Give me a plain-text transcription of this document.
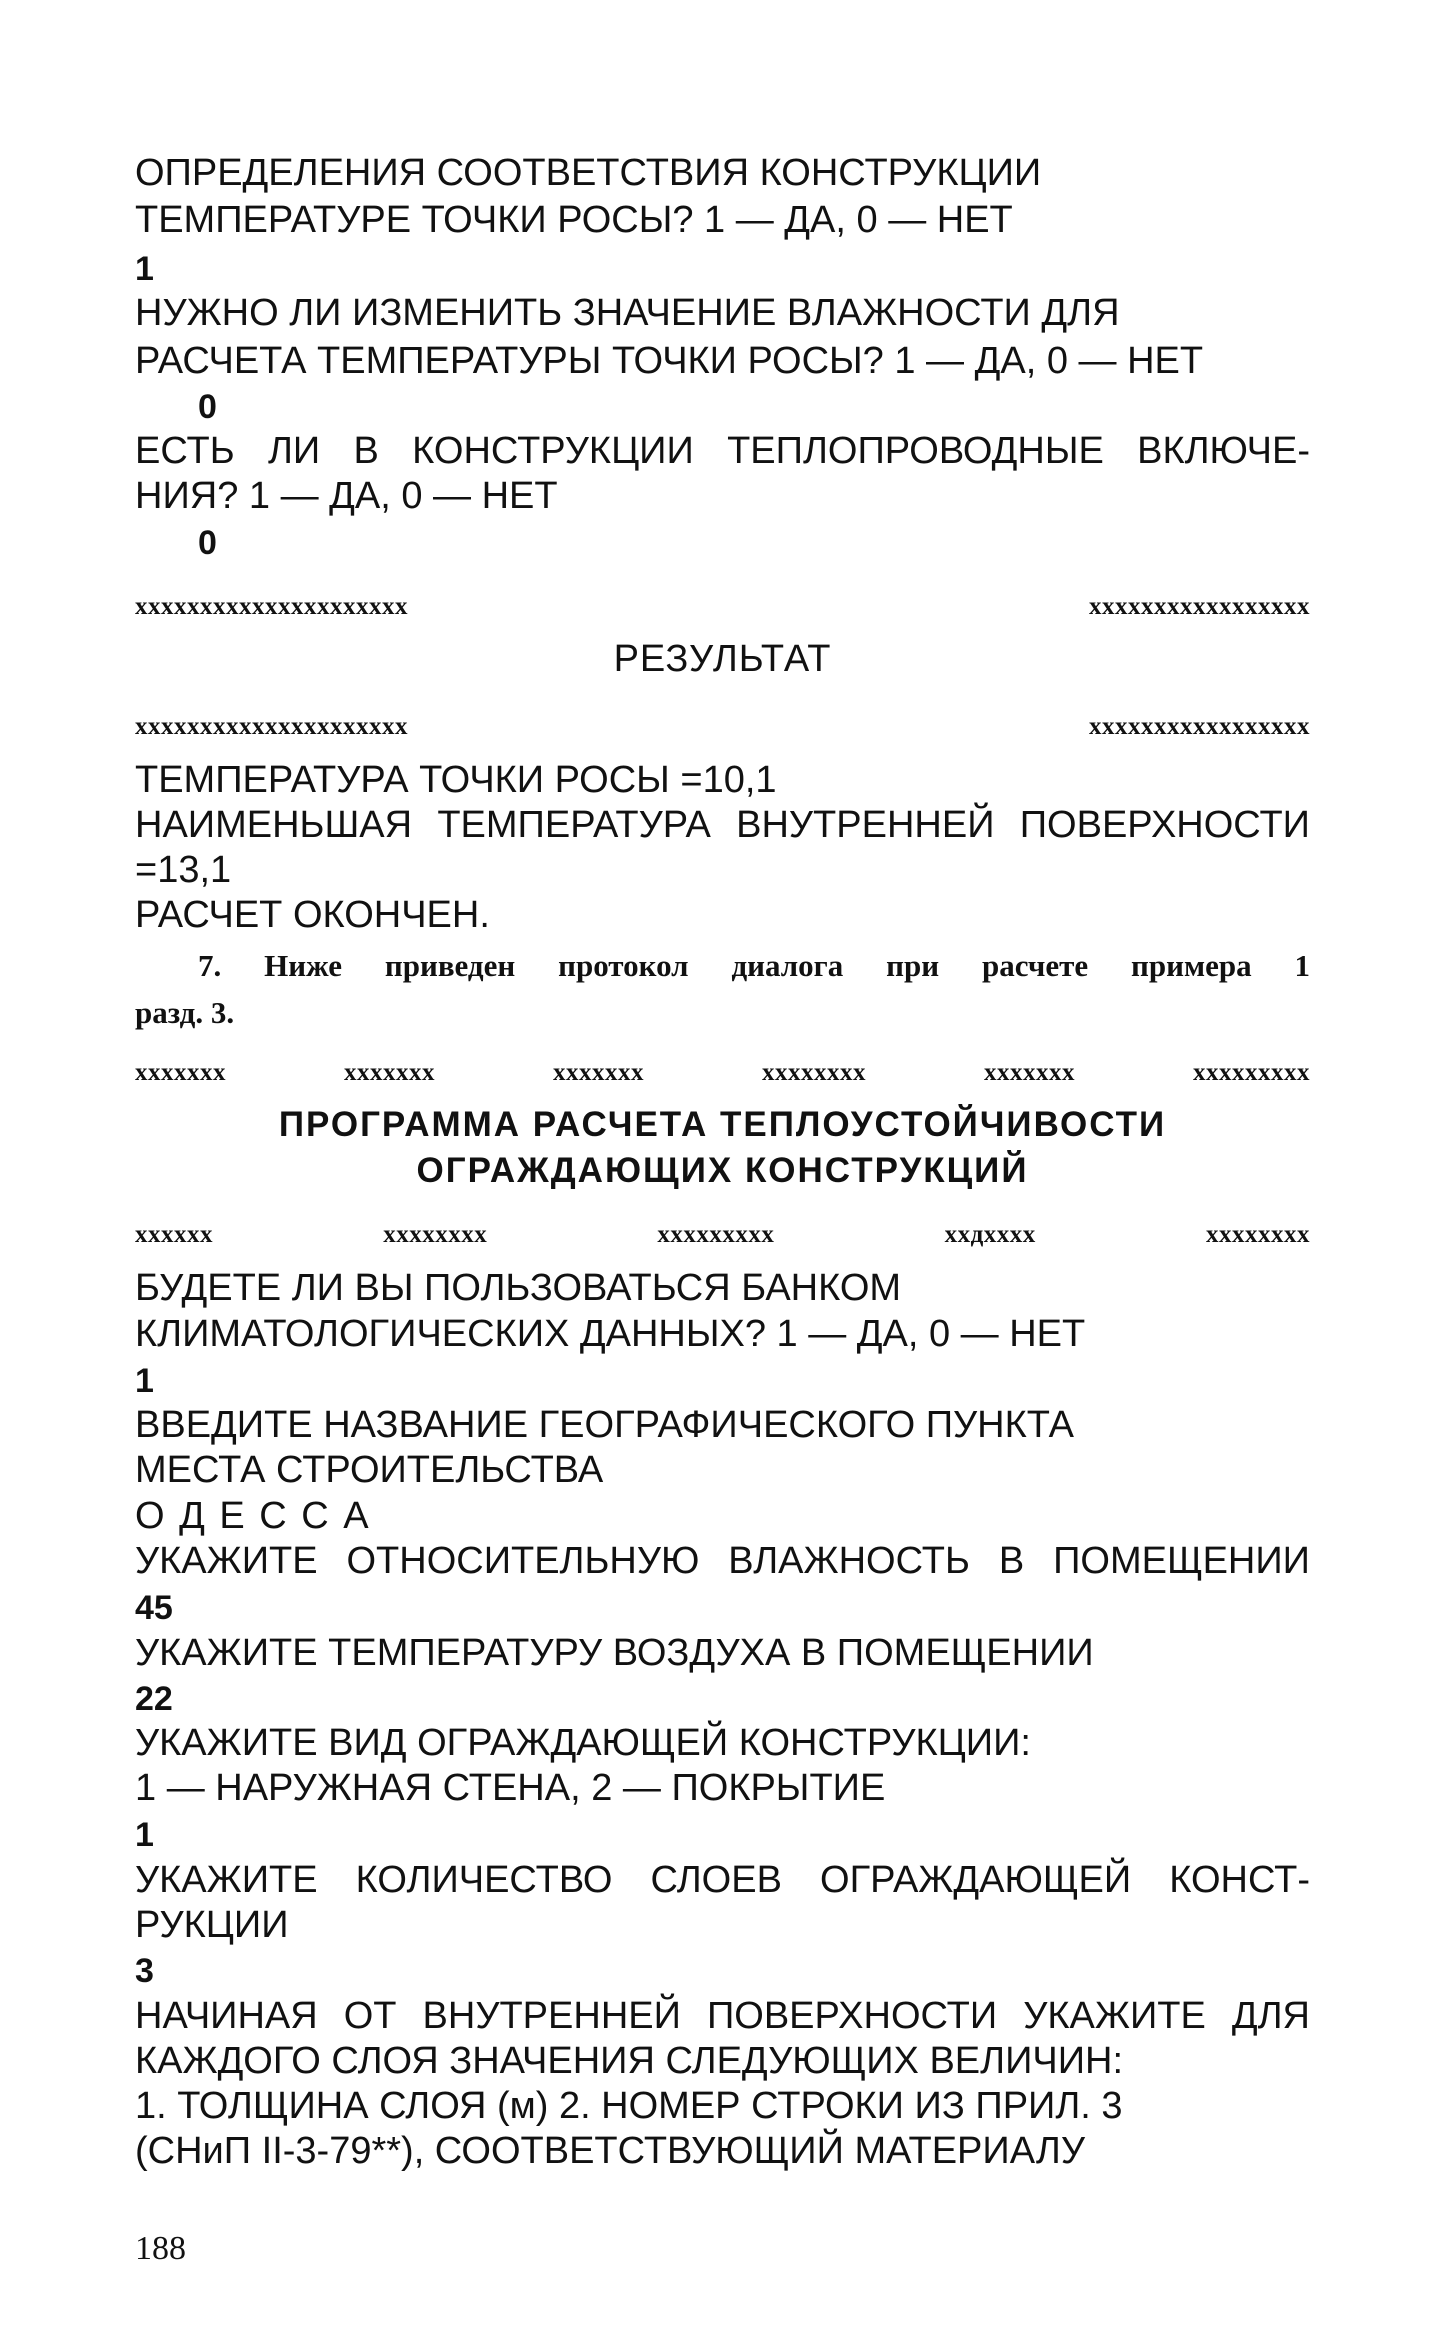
ОПРЕДЕЛЕНИЯ СООТВЕТСТВИЯ КОНСТРУКЦИИ
ТЕМПЕРАТУРЕ ТОЧКИ РОСЫ? 1 — ДА, 0 — НЕТ
1
НУЖНО ЛИ ИЗМЕНИТЬ ЗНАЧЕНИЕ ВЛАЖНОСТИ ДЛЯ
РАСЧЕТА ТЕМПЕРАТУРЫ ТОЧКИ РОСЫ? 1 — ДА, 0 — НЕТ
0
ЕСТЬ ЛИ В КОНСТРУКЦИИ ТЕПЛОПРОВОДНЫЕ ВКЛЮЧЕ-
НИЯ? 1 — ДА, 0 — НЕТ
0
xxxxxxxxxxxxxxxxxxxxx	xxxxxxxxxxxxxxxxx
РЕЗУЛЬТАТ
xxxxxxxxxxxxxxxxxxxxx	xxxxxxxxxxxxxxxxx
ТЕМПЕРАТУРА ТОЧКИ РОСЫ =10,1
НАИМЕНЬШАЯ ТЕМПЕРАТУРА ВНУТРЕННЕЙ ПОВЕРХНОСТИ
=13,1
РАСЧЕТ ОКОНЧЕН.
7. Ниже приведен протокол диалога при расчете примера 1
разд. 3.
xxxxxxx	xxxxxxx	xxxxxxx	xxxxxxxx	xxxxxxx	xxxxxxxxx
ПРОГРАММА РАСЧЕТА ТЕПЛОУСТОЙЧИВОСТИ
ОГРАЖДАЮЩИХ КОНСТРУКЦИЙ
xxxxxx	xxxxxxxx	xxxxxxxxx	xxдxxxx	xxxxxxxx
БУДЕТЕ ЛИ ВЫ ПОЛЬЗОВАТЬСЯ БАНКОМ
КЛИМАТОЛОГИЧЕСКИХ ДАННЫХ? 1 — ДА, 0 — НЕТ
1
ВВЕДИТЕ НАЗВАНИЕ ГЕОГРАФИЧЕСКОГО ПУНКТА
МЕСТА СТРОИТЕЛЬСТВА
О Д Е С С А
УКАЖИТЕ ОТНОСИТЕЛЬНУЮ ВЛАЖНОСТЬ В ПОМЕЩЕНИИ
45
УКАЖИТЕ ТЕМПЕРАТУРУ ВОЗДУХА В ПОМЕЩЕНИИ
22
УКАЖИТЕ ВИД ОГРАЖДАЮЩЕЙ КОНСТРУКЦИИ:
1 — НАРУЖНАЯ СТЕНА, 2 — ПОКРЫТИЕ
1
УКАЖИТЕ КОЛИЧЕСТВО СЛОЕВ ОГРАЖДАЮЩЕЙ КОНСТ-
РУКЦИИ
3
НАЧИНАЯ ОТ ВНУТРЕННЕЙ ПОВЕРХНОСТИ УКАЖИТЕ ДЛЯ
КАЖДОГО СЛОЯ ЗНАЧЕНИЯ СЛЕДУЮЩИХ ВЕЛИЧИН:
1. ТОЛЩИНА СЛОЯ (м) 2. НОМЕР СТРОКИ ИЗ ПРИЛ. 3
(СНиП II-3-79**), СООТВЕТСТВУЮЩИЙ МАТЕРИАЛУ
188
